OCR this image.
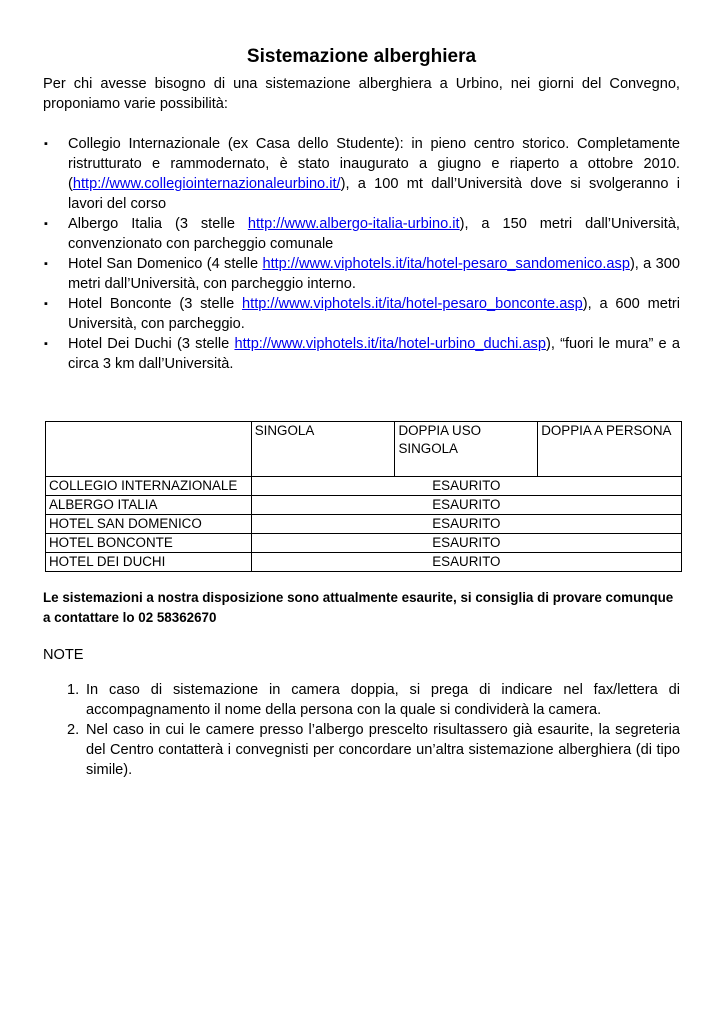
Sistemazione alberghiera

Per chi avesse bisogno di una sistemazione alberghiera a Urbino, nei giorni del Convegno, proponiamo varie possibilità:

▪ Collegio Internazionale (ex Casa dello Studente): in pieno centro storico. Completamente ristrutturato e rammodernato, è stato inaugurato a giugno e riaperto a ottobre 2010. (http://www.collegiointernazionaleurbino.it/), a 100 mt dall’Università dove si svolgeranno i lavori del corso
▪ Albergo Italia (3 stelle http://www.albergo-italia-urbino.it), a 150 metri dall’Università, convenzionato con parcheggio comunale
▪ Hotel San Domenico (4 stelle http://www.viphotels.it/ita/hotel-pesaro_sandomenico.asp), a 300 metri dall’Università, con parcheggio interno.
▪ Hotel Bonconte (3 stelle http://www.viphotels.it/ita/hotel-pesaro_bonconte.asp), a 600 metri Università, con parcheggio.
▪ Hotel Dei Duchi (3 stelle http://www.viphotels.it/ita/hotel-urbino_duchi.asp), “fuori le mura” e a circa 3 km dall’Università.
	SINGOLA	DOPPIA USO SINGOLA	DOPPIA A PERSONA
COLLEGIO INTERNAZIONALE	ESAURITO		
ALBERGO ITALIA	ESAURITO		
HOTEL SAN DOMENICO	ESAURITO		
HOTEL BONCONTE	ESAURITO		
HOTEL DEI DUCHI	ESAURITO		
Le sistemazioni a nostra disposizione sono attualmente esaurite, si consiglia di provare comunque a contattare lo 02 58362670
NOTE
1. In caso di sistemazione in camera doppia, si prega di indicare nel fax/lettera di accompagnamento il nome della persona con la quale si condividerà la camera.
2. Nel caso in cui le camere presso l’albergo prescelto risultassero già esaurite, la segreteria del Centro contatterà i convegnisti per concordare un’altra sistemazione alberghiera (di tipo simile).
